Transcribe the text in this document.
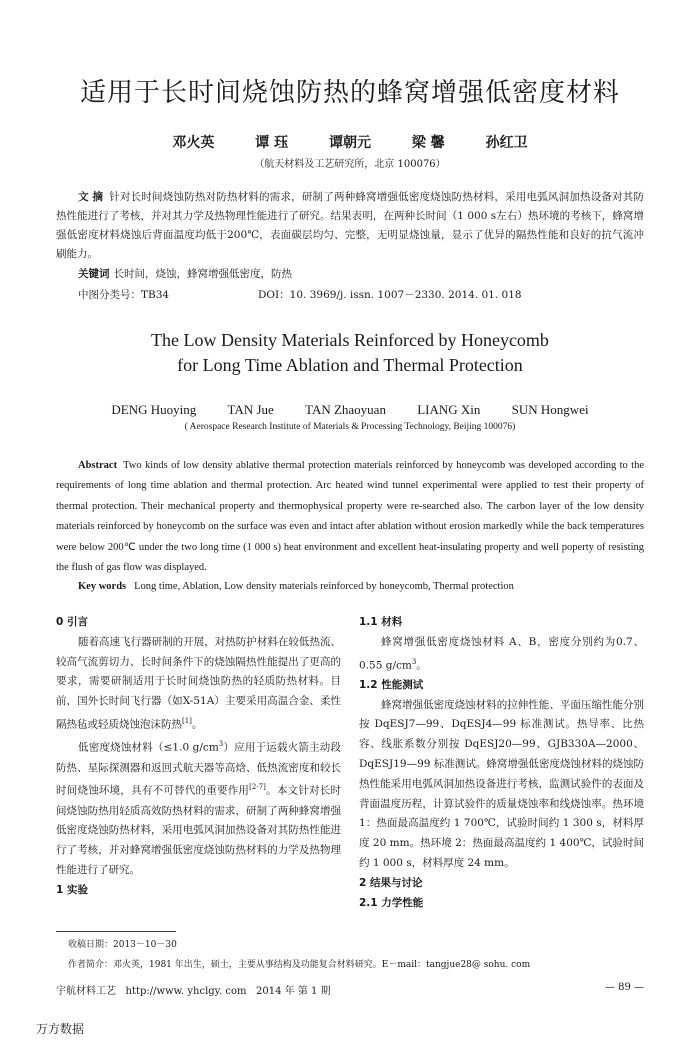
适用于长时间烧蚀防热的蜂窝增强低密度材料
邓火英	谭 珏	谭朝元	梁 馨	孙红卫
（航天材料及工艺研究所，北京 100076）
文 摘 针对长时间烧蚀防热对防热材料的需求，研制了两种蜂窝增强低密度烧蚀防热材料，采用电弧风洞加热设备对其防热性能进行了考核，并对其力学及热物理性能进行了研究。结果表明，在两种长时间（1 000 s左右）热环境的考核下，蜂窝增强低密度材料烧蚀后背面温度均低于200℃，表面碳层均匀、完整，无明显烧蚀量，显示了优异的隔热性能和良好的抗气流冲刷能力。
关键词 长时间，烧蚀，蜂窝增强低密度，防热
中图分类号：TB34	DOI：10. 3969/j. issn. 1007－2330. 2014. 01. 018
The Low Density Materials Reinforced by Honeycomb
for Long Time Ablation and Thermal Protection
DENG Huoying TAN Jue TAN Zhaoyuan LIANG Xin SUN Hongwei
( Aerospace Research Institute of Materials & Processing Technology, Beijing 100076)
Abstract Two kinds of low density ablative thermal protection materials reinforced by honeycomb was developed according to the requirements of long time ablation and thermal protection. Arc heated wind tunnel experimental were applied to test their property of thermal protection. Their mechanical property and thermophysical property were re-searched also. The carbon layer of the low density materials reinforced by honeycomb on the surface was even and intact after ablation without erosion markedly while the back temperatures were below 200℃ under the two long time (1 000 s) heat environment and excellent heat-insulating property and well poperty of resisting the flush of gas flow was displayed.
Key words Long time, Ablation, Low density materials reinforced by honeycomb, Thermal protection
0 引言

随着高速飞行器研制的开展，对热防护材料在较低热流、较高气流剪切力、长时间条件下的烧蚀隔热性能提出了更高的要求，需要研制适用于长时间烧蚀防热的轻质防热材料。目前，国外长时间飞行器（如X-51A）主要采用高温合金、柔性隔热毡或轻质烧蚀泡沫防热[1]。

低密度烧蚀材料（≤1.0 $g/cm^3$）应用于运载火箭主动段防热、星际探测器和返回式航天器等高焓、低热流密度和较长时间烧蚀环境，具有不可替代的重要作用[2-7]。本文针对长时间烧蚀防热用轻质高效防热材料的需求，研制了两种蜂窝增强低密度烧蚀防热材料，采用电弧风洞加热设备对其防热性能进行了考核，并对蜂窝增强低密度烧蚀防热材料的力学及热物理性能进行了研究。

1 实验
1.1 材料

蜂窝增强低密度烧蚀材料 A、B，密度分别约为0.7、0.55 $g/cm^3$。

1.2 性能测试

蜂窝增强低密度烧蚀材料的拉伸性能、平面压缩性能分别按 DqESJ7—99、DqESJ4—99 标准测试。热导率、比热容、线胀系数分别按 DqESJ20—99、GJB330A—2000、DqESJ19—99 标准测试。蜂窝增强低密度烧蚀材料的烧蚀防热性能采用电弧风洞加热设备进行考核，监测试验件的表面及背面温度历程，计算试验件的质量烧蚀率和线烧蚀率。热环境 1：热面最高温度约 1 700℃，试验时间约 1 300 s，材料厚度 20 mm。热环境 2：热面最高温度约 1 400℃，试验时间约 1 000 s，材料厚度 24 mm。

2 结果与讨论
2.1 力学性能
收稿日期：2013－10－30
作者简介：邓火英，1981 年出生，硕士，主要从事结构及功能复合材料研究。E－mail：tangjue28@ sohu. com
宇航材料工艺 http://www. yhclgy. com 2014 年 第 1 期	— 89 —
万方数据
